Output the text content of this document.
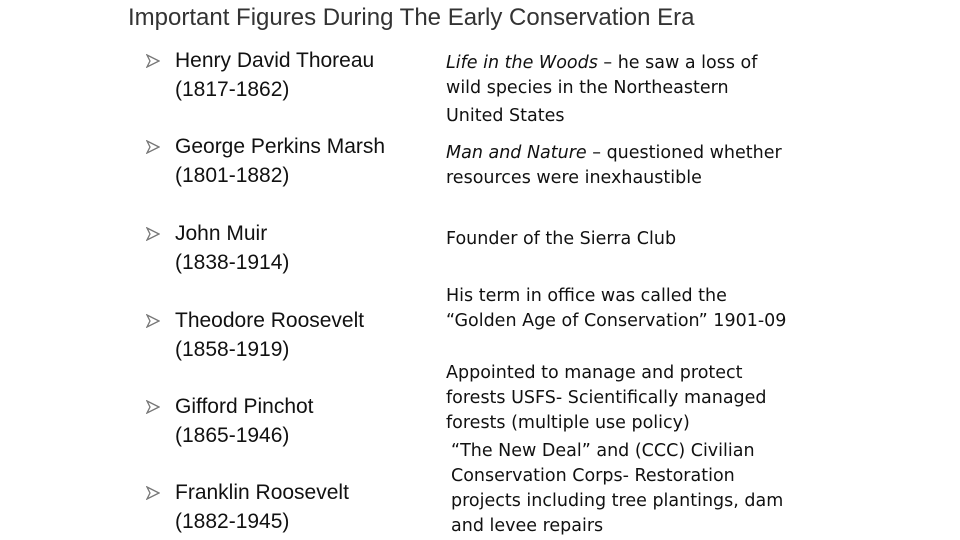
Important Figures During The Early Conservation Era
Henry David Thoreau
(1817-1862)
George Perkins Marsh
(1801-1882)
John Muir
(1838-1914)
Theodore Roosevelt
(1858-1919)
Gifford Pinchot
(1865-1946)
Franklin Roosevelt
(1882-1945)
Life in the Woods – he saw a loss of
wild species in the Northeastern
United States
Man and Nature – questioned whether
resources were inexhaustible
Founder of the Sierra Club
His term in office was called the
“Golden Age of Conservation” 1901-09
Appointed to manage and protect
forests USFS- Scientifically managed
forests (multiple use policy)
“The New Deal” and (CCC) Civilian
Conservation Corps- Restoration
projects including tree plantings, dam
and levee repairs
